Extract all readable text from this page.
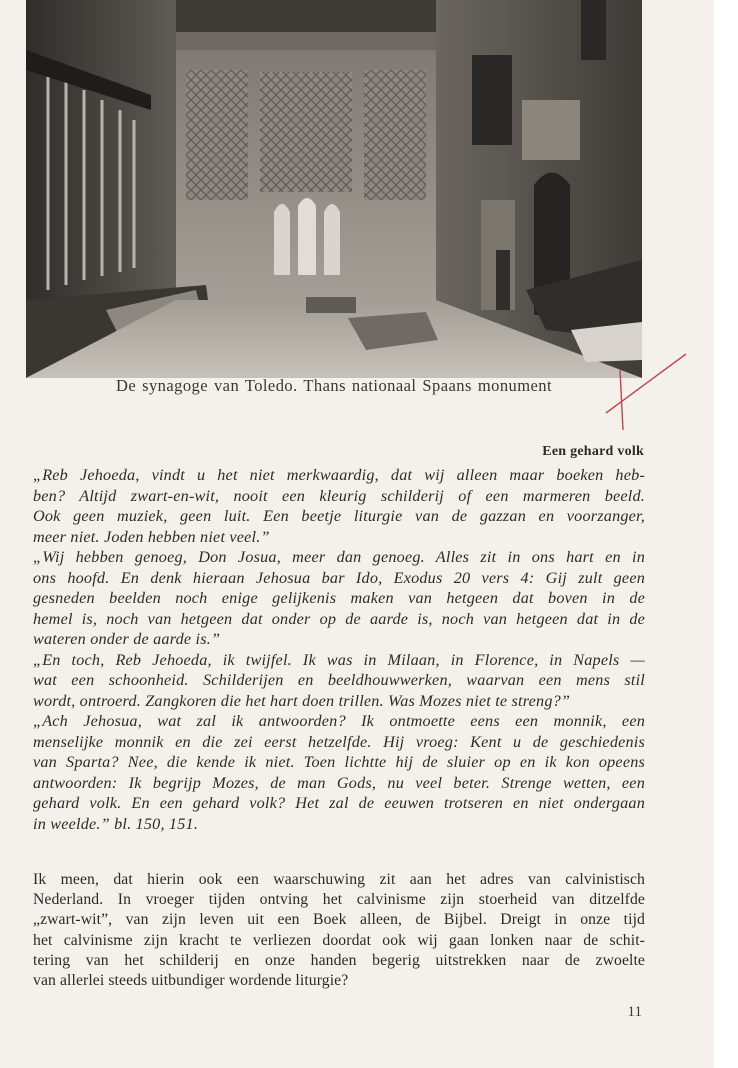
De synagoge van Toledo. Thans nationaal Spaans monument
Een gehard volk
„Reb Jehoeda, vindt u het niet merkwaardig, dat wij alleen maar boeken heb-
ben? Altijd zwart-en-wit, nooit een kleurig schilderij of een marmeren beeld.
Ook geen muziek, geen luit. Een beetje liturgie van de gazzan en voorzanger,
meer niet. Joden hebben niet veel.”
„Wij hebben genoeg, Don Josua, meer dan genoeg. Alles zit in ons hart en in
ons hoofd. En denk hieraan Jehosua bar Ido, Exodus 20 vers 4: Gij zult geen
gesneden beelden noch enige gelijkenis maken van hetgeen dat boven in de
hemel is, noch van hetgeen dat onder op de aarde is, noch van hetgeen dat in de
wateren onder de aarde is.”
„En toch, Reb Jehoeda, ik twijfel. Ik was in Milaan, in Florence, in Napels —
wat een schoonheid. Schilderijen en beeldhouwwerken, waarvan een mens stil
wordt, ontroerd. Zangkoren die het hart doen trillen. Was Mozes niet te streng?”
„Ach Jehosua, wat zal ik antwoorden? Ik ontmoette eens een monnik, een
menselijke monnik en die zei eerst hetzelfde. Hij vroeg: Kent u de geschiedenis
van Sparta? Nee, die kende ik niet. Toen lichtte hij de sluier op en ik kon opeens
antwoorden: Ik begrijp Mozes, de man Gods, nu veel beter. Strenge wetten, een
gehard volk. En een gehard volk? Het zal de eeuwen trotseren en niet ondergaan
in weelde.” bl. 150, 151.
Ik meen, dat hierin ook een waarschuwing zit aan het adres van calvinistisch
Nederland. In vroeger tijden ontving het calvinisme zijn stoerheid van ditzelfde
„zwart-wit”, van zijn leven uit een Boek alleen, de Bijbel. Dreigt in onze tijd
het calvinisme zijn kracht te verliezen doordat ook wij gaan lonken naar de schit-
tering van het schilderij en onze handen begerig uitstrekken naar de zwoelte
van allerlei steeds uitbundiger wordende liturgie?
11
